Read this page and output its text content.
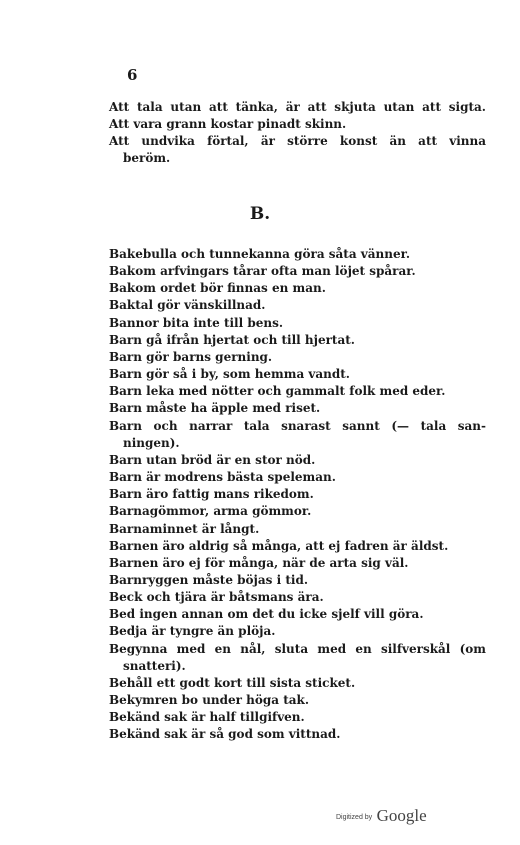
6
Att tala utan att tänka, är att skjuta utan att sigta.
Att vara grann kostar pinadt skinn.
Att undvika förtal, är större konst än att vinna
beröm.
B.
Bakebulla och tunnekanna göra såta vänner.
Bakom arfvingars tårar ofta man löjet spårar.
Bakom ordet bör finnas en man.
Baktal gör vänskillnad.
Bannor bita inte till bens.
Barn gå ifrån hjertat och till hjertat.
Barn gör barns gerning.
Barn gör så i by, som hemma vandt.
Barn leka med nötter och gammalt folk med eder.
Barn måste ha äpple med riset.
Barn och narrar tala snarast sannt (— tala san-
ningen).
Barn utan bröd är en stor nöd.
Barn är modrens bästa speleman.
Barn äro fattig mans rikedom.
Barnagömmor, arma gömmor.
Barnaminnet är långt.
Barnen äro aldrig så många, att ej fadren är äldst.
Barnen äro ej för många, när de arta sig väl.
Barnryggen måste böjas i tid.
Beck och tjära är båtsmans ära.
Bed ingen annan om det du icke sjelf vill göra.
Bedja är tyngre än plöja.
Begynna med en nål, sluta med en silfverskål (om
snatteri).
Behåll ett godt kort till sista sticket.
Bekymren bo under höga tak.
Bekänd sak är half tillgifven.
Bekänd sak är så god som vittnad.
Digitized by Google
